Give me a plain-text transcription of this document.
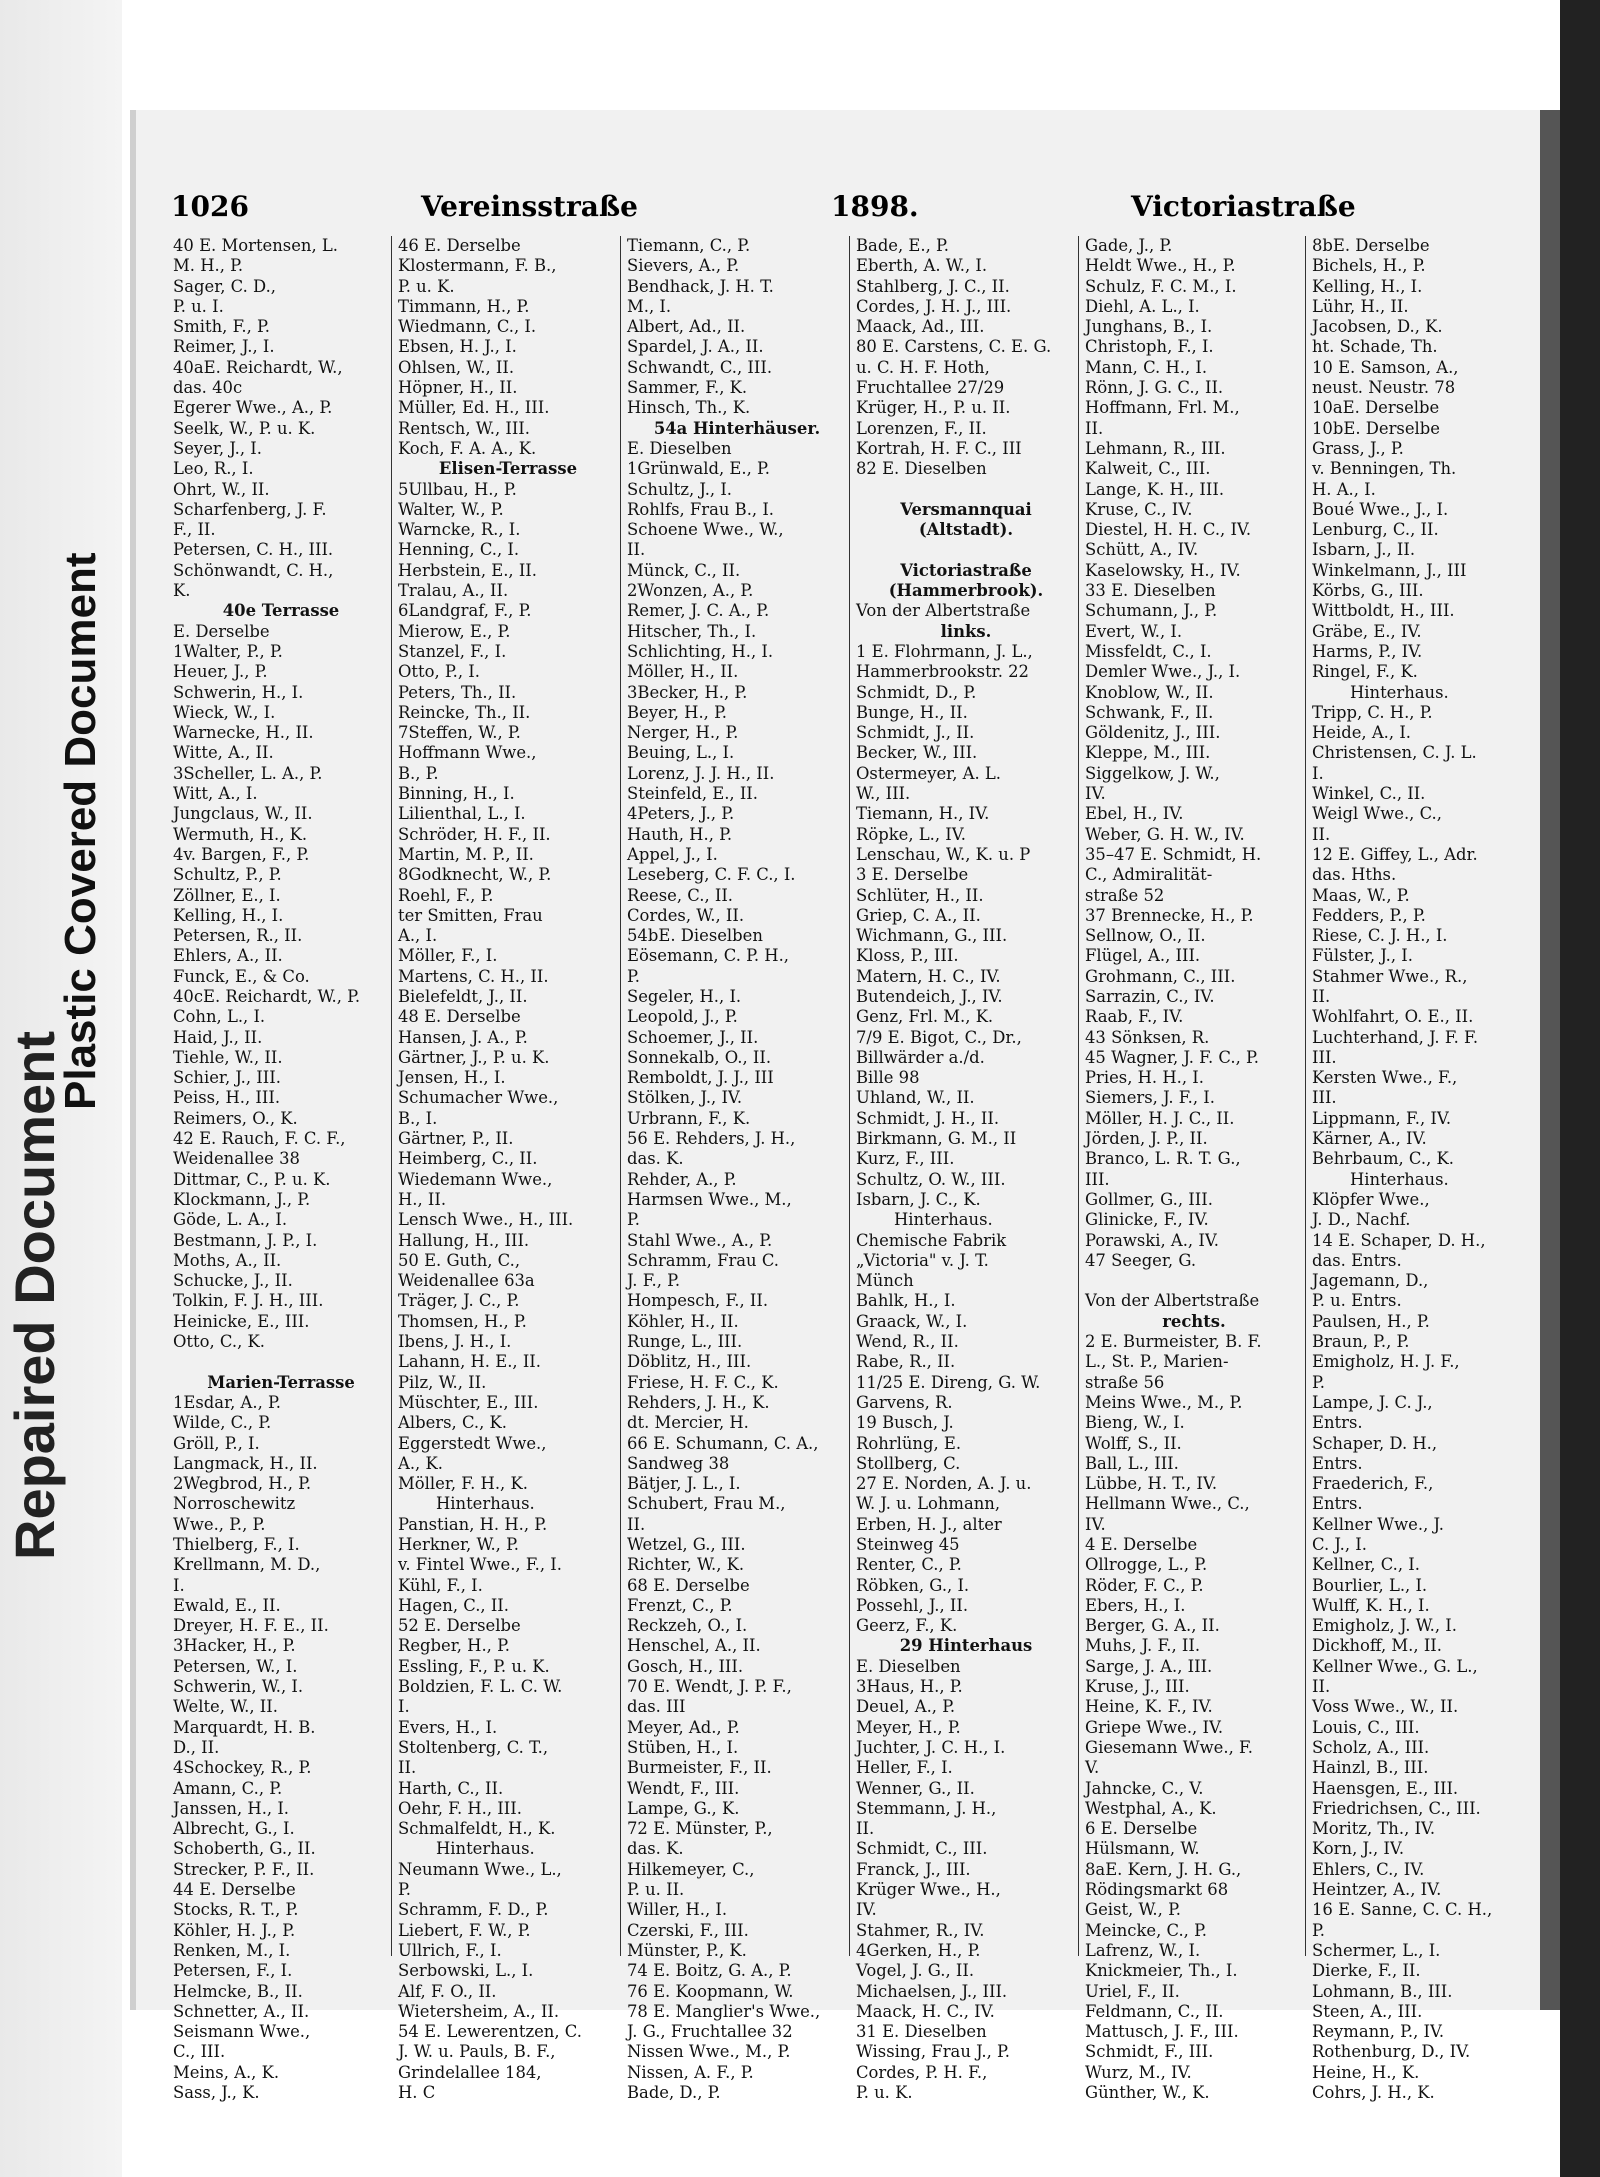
Repaired Document
Plastic Covered Document
1026	Vereinsstraße	1898.	Victoriastraße
40 E. Mortensen, L.
M. H., P.
Sager, C. D.,
P. u. I.
Smith, F., P.
Reimer, J., I.
40aE. Reichardt, W.,
das. 40c
Egerer Wwe., A., P.
Seelk, W., P. u. K.
Seyer, J., I.
Leo, R., I.
Ohrt, W., II.
Scharfenberg, J. F.
F., II.
Petersen, C. H., III.
Schönwandt, C. H.,
K.
40e Terrasse
E. Derselbe
1Walter, P., P.
Heuer, J., P.
Schwerin, H., I.
Wieck, W., I.
Warnecke, H., II.
Witte, A., II.
3Scheller, L. A., P.
Witt, A., I.
Jungclaus, W., II.
Wermuth, H., K.
4v. Bargen, F., P.
Schultz, P., P.
Zöllner, E., I.
Kelling, H., I.
Petersen, R., II.
Ehlers, A., II.
Funck, E., & Co.
40cE. Reichardt, W., P.
Cohn, L., I.
Haid, J., II.
Tiehle, W., II.
Schier, J., III.
Peiss, H., III.
Reimers, O., K.
42 E. Rauch, F. C. F.,
Weidenallee 38
Dittmar, C., P. u. K.
Klockmann, J., P.
Göde, L. A., I.
Bestmann, J. P., I.
Moths, A., II.
Schucke, J., II.
Tolkin, F. J. H., III.
Heinicke, E., III.
Otto, C., K.

Marien-Terrasse
1Esdar, A., P.
Wilde, C., P.
Gröll, P., I.
Langmack, H., II.
2Wegbrod, H., P.
Norroschewitz
Wwe., P., P.
Thielberg, F., I.
Krellmann, M. D.,
I.
Ewald, E., II.
Dreyer, H. F. E., II.
3Hacker, H., P.
Petersen, W., I.
Schwerin, W., I.
Welte, W., II.
Marquardt, H. B.
D., II.
4Schockey, R., P.
Amann, C., P.
Janssen, H., I.
Albrecht, G., I.
Schoberth, G., II.
Strecker, P. F., II.
44 E. Derselbe
Stocks, R. T., P.
Köhler, H. J., P.
Renken, M., I.
Petersen, F., I.
Helmcke, B., II.
Schnetter, A., II.
Seismann Wwe.,
C., III.
Meins, A., K.
Sass, J., K.
46 E. Derselbe
Klostermann, F. B.,
P. u. K.
Timmann, H., P.
Wiedmann, C., I.
Ebsen, H. J., I.
Ohlsen, W., II.
Höpner, H., II.
Müller, Ed. H., III.
Rentsch, W., III.
Koch, F. A. A., K.
Elisen-Terrasse
5Ullbau, H., P.
Walter, W., P.
Warncke, R., I.
Henning, C., I.
Herbstein, E., II.
Tralau, A., II.
6Landgraf, F., P.
Mierow, E., P.
Stanzel, F., I.
Otto, P., I.
Peters, Th., II.
Reincke, Th., II.
7Steffen, W., P.
Hoffmann Wwe.,
B., P.
Binning, H., I.
Lilienthal, L., I.
Schröder, H. F., II.
Martin, M. P., II.
8Godknecht, W., P.
Roehl, F., P.
ter Smitten, Frau
A., I.
Möller, F., I.
Martens, C. H., II.
Bielefeldt, J., II.
48 E. Derselbe
Hansen, J. A., P.
Gärtner, J., P. u. K.
Jensen, H., I.
Schumacher Wwe.,
B., I.
Gärtner, P., II.
Heimberg, C., II.
Wiedemann Wwe.,
H., II.
Lensch Wwe., H., III.
Hallung, H., III.
50 E. Guth, C.,
Weidenallee 63a
Träger, J. C., P.
Thomsen, H., P.
Ibens, J. H., I.
Lahann, H. E., II.
Pilz, W., II.
Müschter, E., III.
Albers, C., K.
Eggerstedt Wwe.,
A., K.
Möller, F. H., K.
Hinterhaus.
Panstian, H. H., P.
Herkner, W., P.
v. Fintel Wwe., F., I.
Kühl, F., I.
Hagen, C., II.
52 E. Derselbe
Regber, H., P.
Essling, F., P. u. K.
Boldzien, F. L. C. W.
I.
Evers, H., I.
Stoltenberg, C. T.,
II.
Harth, C., II.
Oehr, F. H., III.
Schmalfeldt, H., K.
Hinterhaus.
Neumann Wwe., L.,
P.
Schramm, F. D., P.
Liebert, F. W., P.
Ullrich, F., I.
Serbowski, L., I.
Alf, F. O., II.
Wietersheim, A., II.
54 E. Lewerentzen, C.
J. W. u. Pauls, B. F.,
Grindelallee 184,
H. C
Tiemann, C., P.
Sievers, A., P.
Bendhack, J. H. T.
M., I.
Albert, Ad., II.
Spardel, J. A., II.
Schwandt, C., III.
Sammer, F., K.
Hinsch, Th., K.
54a Hinterhäuser.
E. Dieselben
1Grünwald, E., P.
Schultz, J., I.
Rohlfs, Frau B., I.
Schoene Wwe., W.,
II.
Münck, C., II.
2Wonzen, A., P.
Remer, J. C. A., P.
Hitscher, Th., I.
Schlichting, H., I.
Möller, H., II.
3Becker, H., P.
Beyer, H., P.
Nerger, H., P.
Beuing, L., I.
Lorenz, J. J. H., II.
Steinfeld, E., II.
4Peters, J., P.
Hauth, H., P.
Appel, J., I.
Leseberg, C. F. C., I.
Reese, C., II.
Cordes, W., II.
54bE. Dieselben
Eösemann, C. P. H.,
P.
Segeler, H., I.
Leopold, J., P.
Schoemer, J., II.
Sonnekalb, O., II.
Remboldt, J. J., III
Stölken, J., IV.
Urbrann, F., K.
56 E. Rehders, J. H.,
das. K.
Rehder, A., P.
Harmsen Wwe., M.,
P.
Stahl Wwe., A., P.
Schramm, Frau C.
J. F., P.
Hompesch, F., II.
Köhler, H., II.
Runge, L., III.
Döblitz, H., III.
Friese, H. F. C., K.
Rehders, J. H., K.
dt. Mercier, H.
66 E. Schumann, C. A.,
Sandweg 38
Bätjer, J. L., I.
Schubert, Frau M.,
II.
Wetzel, G., III.
Richter, W., K.
68 E. Derselbe
Frenzt, C., P.
Reckzeh, O., I.
Henschel, A., II.
Gosch, H., III.
70 E. Wendt, J. P. F.,
das. III
Meyer, Ad., P.
Stüben, H., I.
Burmeister, F., II.
Wendt, F., III.
Lampe, G., K.
72 E. Münster, P.,
das. K.
Hilkemeyer, C.,
P. u. II.
Willer, H., I.
Czerski, F., III.
Münster, P., K.
74 E. Boitz, G. A., P.
76 E. Koopmann, W.
78 E. Manglier's Wwe.,
J. G., Fruchtallee 32
Nissen Wwe., M., P.
Nissen, A. F., P.
Bade, D., P.
Bade, E., P.
Eberth, A. W., I.
Stahlberg, J. C., II.
Cordes, J. H. J., III.
Maack, Ad., III.
80 E. Carstens, C. E. G.
u. C. H. F. Hoth,
Fruchtallee 27/29
Krüger, H., P. u. II.
Lorenzen, F., II.
Kortrah, H. F. C., III
82 E. Dieselben

Versmannquai
(Altstadt).

Victoriastraße
(Hammerbrook).
Von der Albertstraße
links.
1 E. Flohrmann, J. L.,
Hammerbrookstr. 22
Schmidt, D., P.
Bunge, H., II.
Schmidt, J., II.
Becker, W., III.
Ostermeyer, A. L.
W., III.
Tiemann, H., IV.
Röpke, L., IV.
Lenschau, W., K. u. P
3 E. Derselbe
Schlüter, H., II.
Griep, C. A., II.
Wichmann, G., III.
Kloss, P., III.
Matern, H. C., IV.
Butendeich, J., IV.
Genz, Frl. M., K.
7/9 E. Bigot, C., Dr.,
Billwärder a./d.
Bille 98
Uhland, W., II.
Schmidt, J. H., II.
Birkmann, G. M., II
Kurz, F., III.
Schultz, O. W., III.
Isbarn, J. C., K.
Hinterhaus.
Chemische Fabrik
„Victoria" v. J. T.
Münch
Bahlk, H., I.
Graack, W., I.
Wend, R., II.
Rabe, R., II.
11/25 E. Direng, G. W.
Garvens, R.
19 Busch, J.
Rohrlüng, E.
Stollberg, C.
27 E. Norden, A. J. u.
W. J. u. Lohmann,
Erben, H. J., alter
Steinweg 45
Renter, C., P.
Röbken, G., I.
Possehl, J., II.
Geerz, F., K.
29 Hinterhaus
E. Dieselben
3Haus, H., P.
Deuel, A., P.
Meyer, H., P.
Juchter, J. C. H., I.
Heller, F., I.
Wenner, G., II.
Stemmann, J. H.,
II.
Schmidt, C., III.
Franck, J., III.
Krüger Wwe., H.,
IV.
Stahmer, R., IV.
4Gerken, H., P.
Vogel, J. G., II.
Michaelsen, J., III.
Maack, H. C., IV.
31 E. Dieselben
Wissing, Frau J., P.
Cordes, P. H. F.,
P. u. K.
Gade, J., P.
Heldt Wwe., H., P.
Schulz, F. C. M., I.
Diehl, A. L., I.
Junghans, B., I.
Christoph, F., I.
Mann, C. H., I.
Rönn, J. G. C., II.
Hoffmann, Frl. M.,
II.
Lehmann, R., III.
Kalweit, C., III.
Lange, K. H., III.
Kruse, C., IV.
Diestel, H. H. C., IV.
Schütt, A., IV.
Kaselowsky, H., IV.
33 E. Dieselben
Schumann, J., P.
Evert, W., I.
Missfeldt, C., I.
Demler Wwe., J., I.
Knoblow, W., II.
Schwank, F., II.
Göldenitz, J., III.
Kleppe, M., III.
Siggelkow, J. W.,
IV.
Ebel, H., IV.
Weber, G. H. W., IV.
35–47 E. Schmidt, H.
C., Admiralität-
straße 52
37 Brennecke, H., P.
Sellnow, O., II.
Flügel, A., III.
Grohmann, C., III.
Sarrazin, C., IV.
Raab, F., IV.
43 Sönksen, R.
45 Wagner, J. F. C., P.
Pries, H. H., I.
Siemers, J. F., I.
Möller, H. J. C., II.
Jörden, J. P., II.
Branco, L. R. T. G.,
III.
Gollmer, G., III.
Glinicke, F., IV.
Porawski, A., IV.
47 Seeger, G.

Von der Albertstraße
rechts.
2 E. Burmeister, B. F.
L., St. P., Marien-
straße 56
Meins Wwe., M., P.
Bieng, W., I.
Wolff, S., II.
Ball, L., III.
Lübbe, H. T., IV.
Hellmann Wwe., C.,
IV.
4 E. Derselbe
Ollrogge, L., P.
Röder, F. C., P.
Ebers, H., I.
Berger, G. A., II.
Muhs, J. F., II.
Sarge, J. A., III.
Kruse, J., III.
Heine, K. F., IV.
Griepe Wwe., IV.
Giesemann Wwe., F.
V.
Jahncke, C., V.
Westphal, A., K.
6 E. Derselbe
Hülsmann, W.
8aE. Kern, J. H. G.,
Rödingsmarkt 68
Geist, W., P.
Meincke, C., P.
Lafrenz, W., I.
Knickmeier, Th., I.
Uriel, F., II.
Feldmann, C., II.
Mattusch, J. F., III.
Schmidt, F., III.
Wurz, M., IV.
Günther, W., K.
8bE. Derselbe
Bichels, H., P.
Kelling, H., I.
Lühr, H., II.
Jacobsen, D., K.
ht. Schade, Th.
10 E. Samson, A.,
neust. Neustr. 78
10aE. Derselbe
10bE. Derselbe
Grass, J., P.
v. Benningen, Th.
H. A., I.
Boué Wwe., J., I.
Lenburg, C., II.
Isbarn, J., II.
Winkelmann, J., III
Körbs, G., III.
Wittboldt, H., III.
Gräbe, E., IV.
Harms, P., IV.
Ringel, F., K.
Hinterhaus.
Tripp, C. H., P.
Heide, A., I.
Christensen, C. J. L.
I.
Winkel, C., II.
Weigl Wwe., C.,
II.
12 E. Giffey, L., Adr.
das. Hths.
Maas, W., P.
Fedders, P., P.
Riese, C. J. H., I.
Fülster, J., I.
Stahmer Wwe., R.,
II.
Wohlfahrt, O. E., II.
Luchterhand, J. F. F.
III.
Kersten Wwe., F.,
III.
Lippmann, F., IV.
Kärner, A., IV.
Behrbaum, C., K.
Hinterhaus.
Klöpfer Wwe.,
J. D., Nachf.
14 E. Schaper, D. H.,
das. Entrs.
Jagemann, D.,
P. u. Entrs.
Paulsen, H., P.
Braun, P., P.
Emigholz, H. J. F.,
P.
Lampe, J. C. J.,
Entrs.
Schaper, D. H.,
Entrs.
Fraederich, F.,
Entrs.
Kellner Wwe., J.
C. J., I.
Kellner, C., I.
Bourlier, L., I.
Wulff, K. H., I.
Emigholz, J. W., I.
Dickhoff, M., II.
Kellner Wwe., G. L.,
II.
Voss Wwe., W., II.
Louis, C., III.
Scholz, A., III.
Hainzl, B., III.
Haensgen, E., III.
Friedrichsen, C., III.
Moritz, Th., IV.
Korn, J., IV.
Ehlers, C., IV.
Heintzer, A., IV.
16 E. Sanne, C. C. H.,
P.
Schermer, L., I.
Dierke, F., II.
Lohmann, B., III.
Steen, A., III.
Reymann, P., IV.
Rothenburg, D., IV.
Heine, H., K.
Cohrs, J. H., K.
